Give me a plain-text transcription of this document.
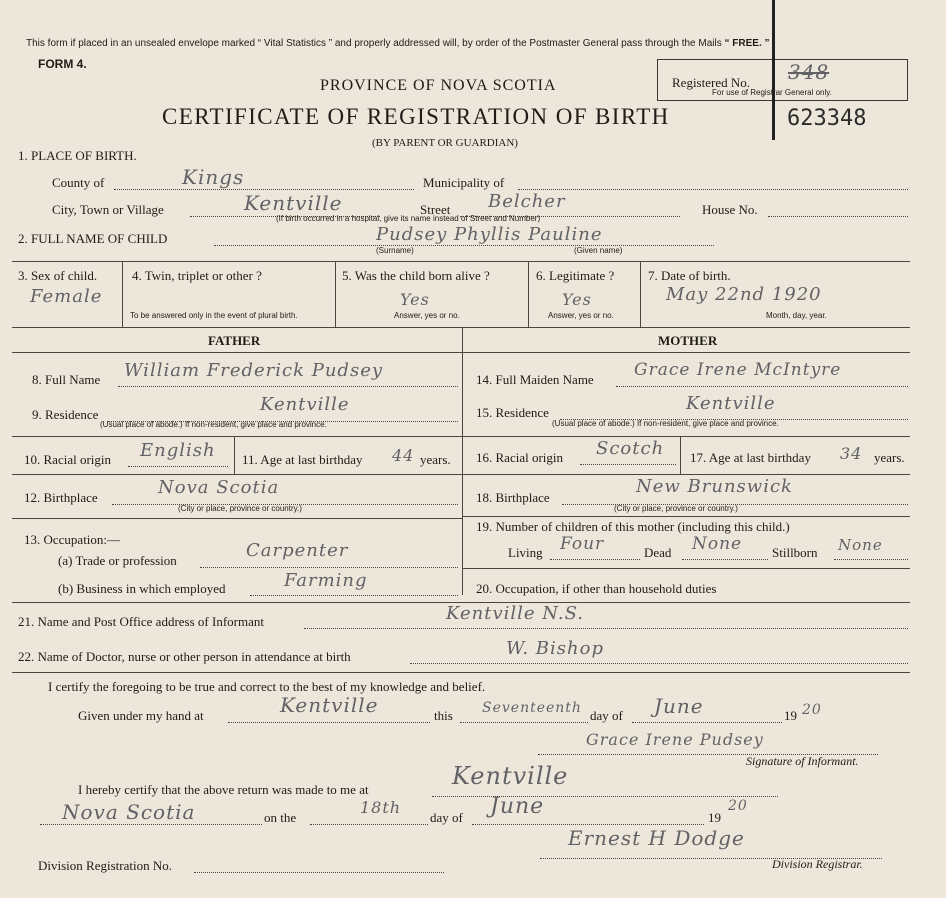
This form if placed in an unsealed envelope marked “ Vital Statistics ” and properly addressed will, by order of the Postmaster General pass through the Mails “ FREE. ”
FORM 4.
PROVINCE OF NOVA SCOTIA
CERTIFICATE OF REGISTRATION OF BIRTH
(BY PARENT OR GUARDIAN)
Registered No. 348
For use of Registrar General only.
623348
1. PLACE OF BIRTH.
County of	Kings	Municipality of
City, Town or Village	Kentville	Street Belcher	House No.
(If birth occurred in a hospital, give its name instead of Street and Number)
2. FULL NAME OF CHILD	Pudsey Phyllis Pauline
(Surname)	(Given name)
3. Sex of child.
Female
4. Twin, triplet or other ?
To be answered only in the event of plural birth.
5. Was the child born alive ?
Yes
Answer, yes or no.
6. Legitimate ?
Yes
Answer, yes or no.
7. Date of birth.
May 22nd 1920
Month, day, year.
FATHER	MOTHER
8. Full Name William Frederick Pudsey
9. Residence	Kentville
(Usual place of abode.) If non-resident, give place and province.
10. Racial origin English 11. Age at last birthday 44 years.
12. Birthplace	Nova Scotia
(City or place, province or country.)
13. Occupation:—
(a) Trade or profession	Carpenter
(b) Business in which employed	Farming
14. Full Maiden Name Grace Irene McIntyre
15. Residence	Kentville
(Usual place of abode.) If non-resident, give place and province.
16. Racial origin Scotch 17. Age at last birthday 34 years.
18. Birthplace
New Brunswick
(City or place, province or country.)
19. Number of children of this mother (including this child.)
Living Four	Dead None Stillborn None
20. Occupation, if other than household duties
21. Name and Post Office address of Informant	Kentville N.S.
22. Name of Doctor, nurse or other person in attendance at birth	W. Bishop
I certify the foregoing to be true and correct to the best of my knowledge and belief.
Given under my hand at	Kentville	this Seventeenth day of June	19 20
Grace Irene Pudsey
Signature of Informant.
I hereby certify that the above return was made to me at	Kentville
Nova Scotia	on the
18th
day of June	19
20
Division Registration No.
Ernest H Dodge
Division Registrar.
